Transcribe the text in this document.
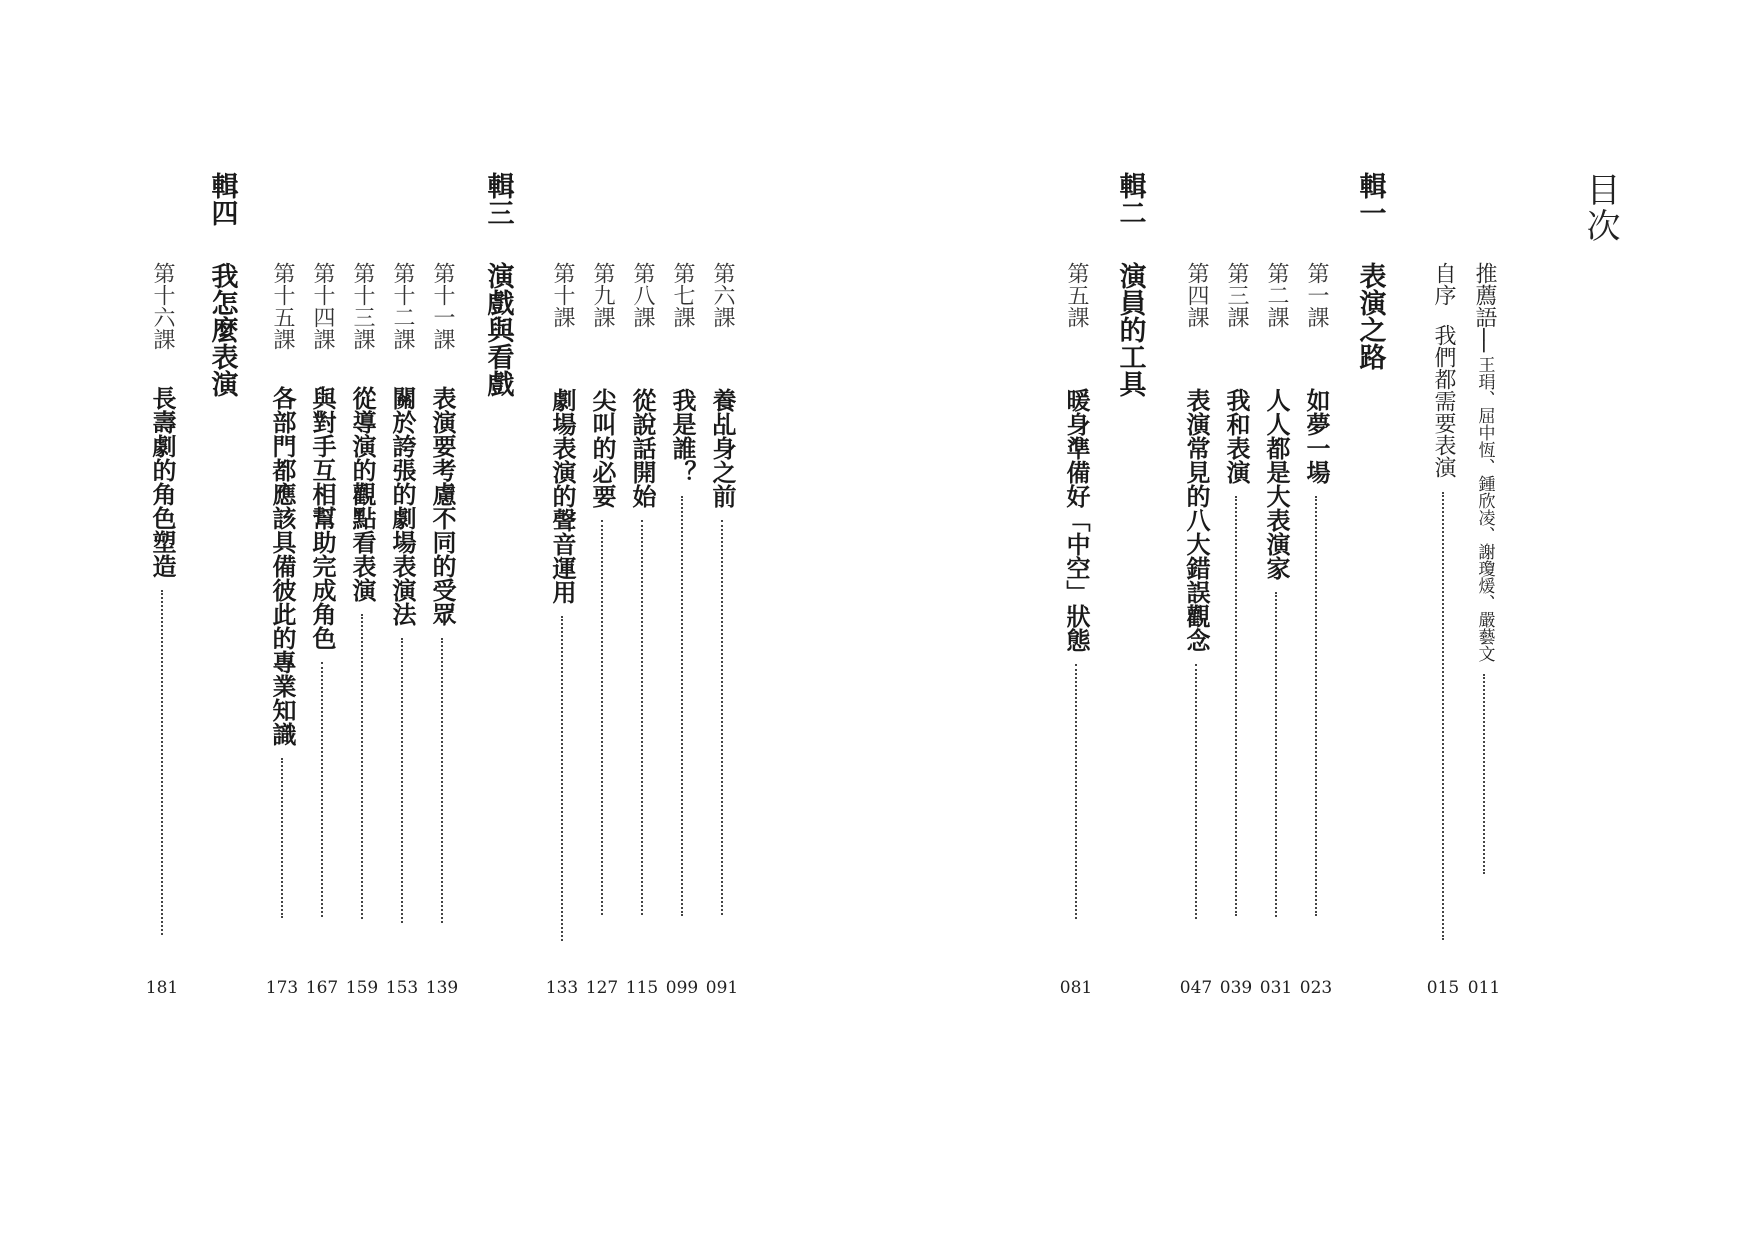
目次
推薦語
──
王琄、屈中恆、鍾欣凌、謝瓊煖、嚴藝文
011
自序
我們都需要表演
015
輯一
表演之路
第一課
如夢一場
023
第二課
人人都是大表演家
031
第三課
我和表演
039
第四課
表演常見的八大錯誤觀念
047
輯二
演員的工具
第五課
暖身準備好「中空」狀態
081
第六課
養乩身之前
091
第七課
我是誰？
099
第八課
從說話開始
115
第九課
尖叫的必要
127
第十課
劇場表演的聲音運用
133
輯三
演戲與看戲
第十一課
表演要考慮不同的受眾
139
第十二課
關於誇張的劇場表演法
153
第十三課
從導演的觀點看表演
159
第十四課
與對手互相幫助完成角色
167
第十五課
各部門都應該具備彼此的專業知識
173
輯四
我怎麼表演
第十六課
長壽劇的角色塑造
181
